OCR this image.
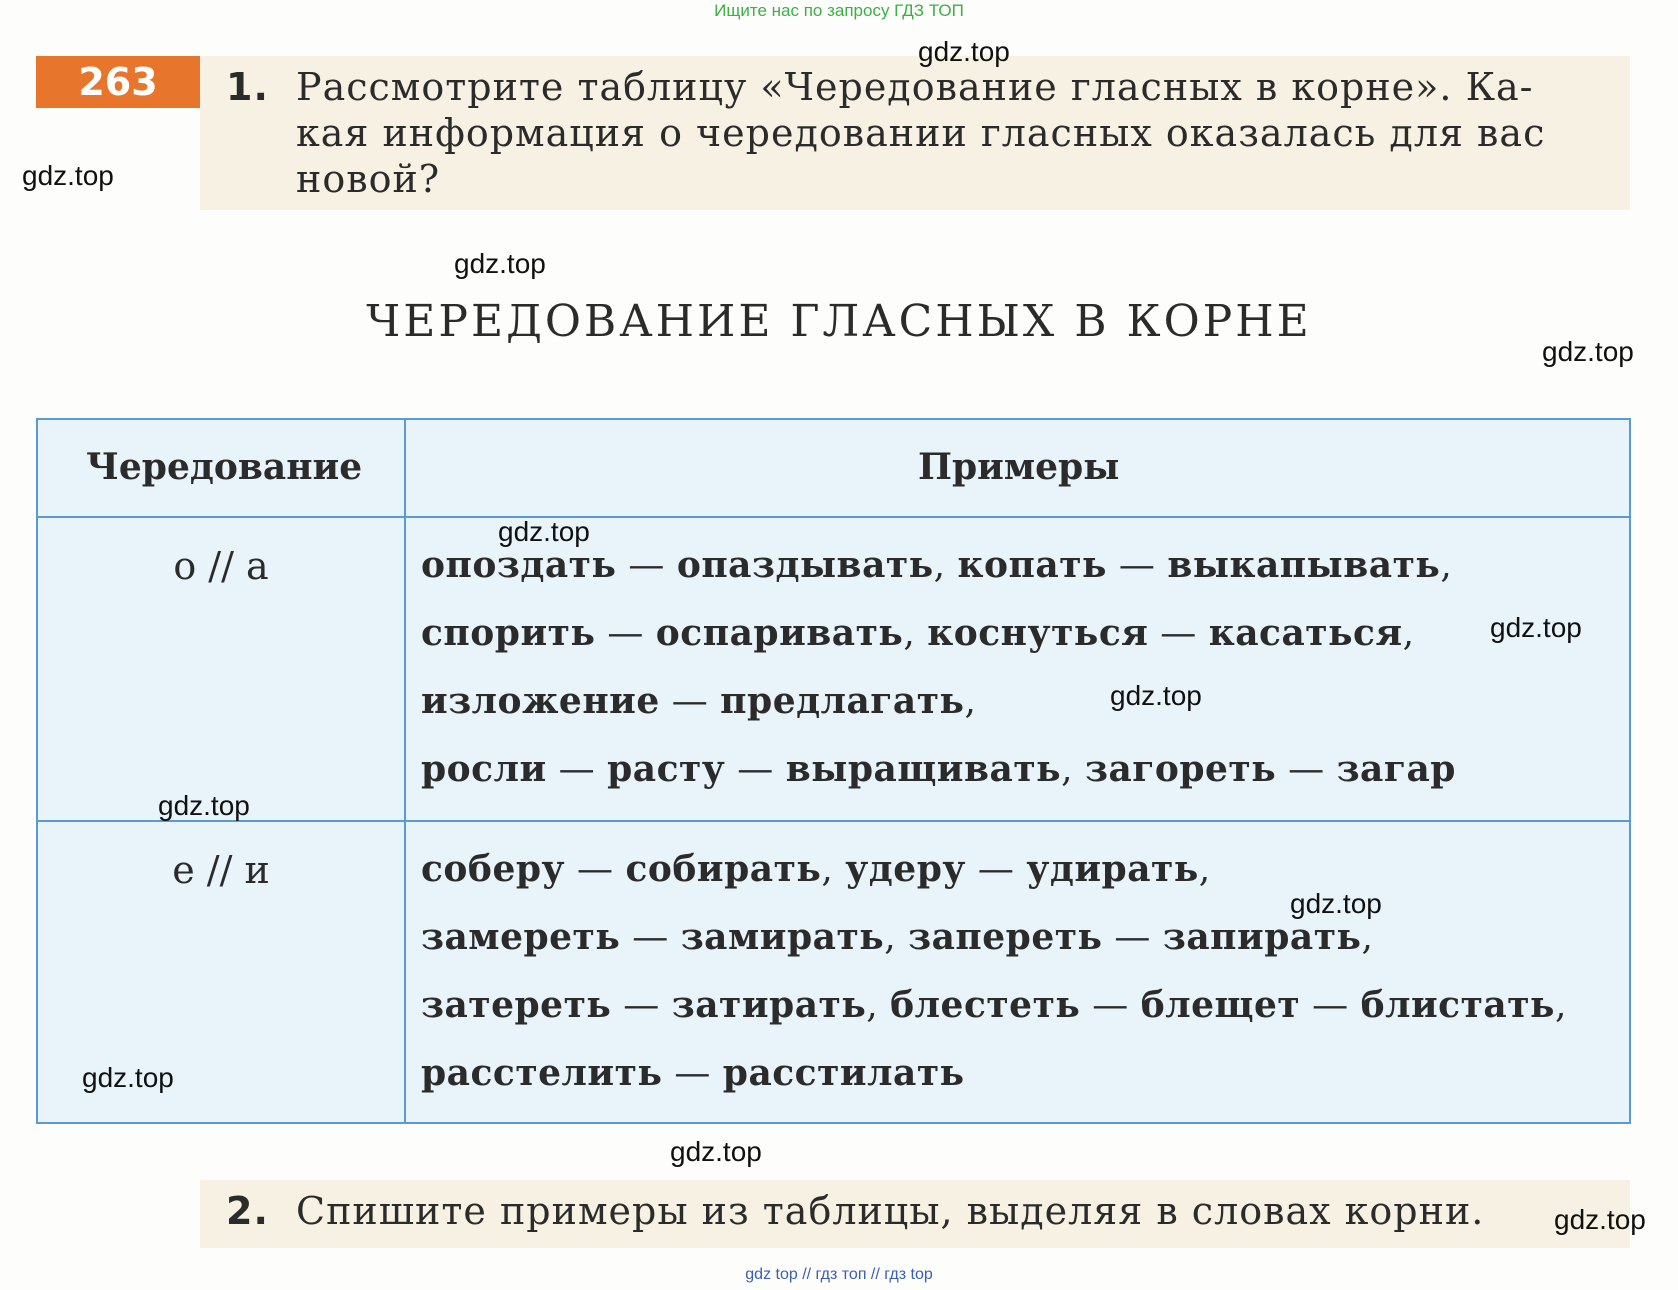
Ищите нас по запросу ГДЗ ТОП
263	1. Рассмотрите таблицу «Чередование гласных в корне». Ка-
кая информация о чередовании гласных оказалась для вас
новой?
ЧЕРЕДОВАНИЕ ГЛАСНЫХ В КОРНЕ
Чередование	Примеры
о // а	опоздать — опаздывать, копать — выкапывать,
спорить — оспаривать, коснуться — касаться,
изложение — предлагать,
росли — расту — выращивать, загореть — загар
е // и	соберу — собирать, удеру — удирать,
замереть — замирать, запереть — запирать,
затереть — затирать, блестеть — блещет — блистать,
расстелить — расстилать
2. Спишите примеры из таблицы, выделяя в словах корни.
gdz.top
gdz.top
gdz.top
gdz.top
gdz.top
gdz.top
gdz.top
gdz.top
gdz.top
gdz.top
gdz.top
gdz.top
gdz top // гдз топ // гдз top
